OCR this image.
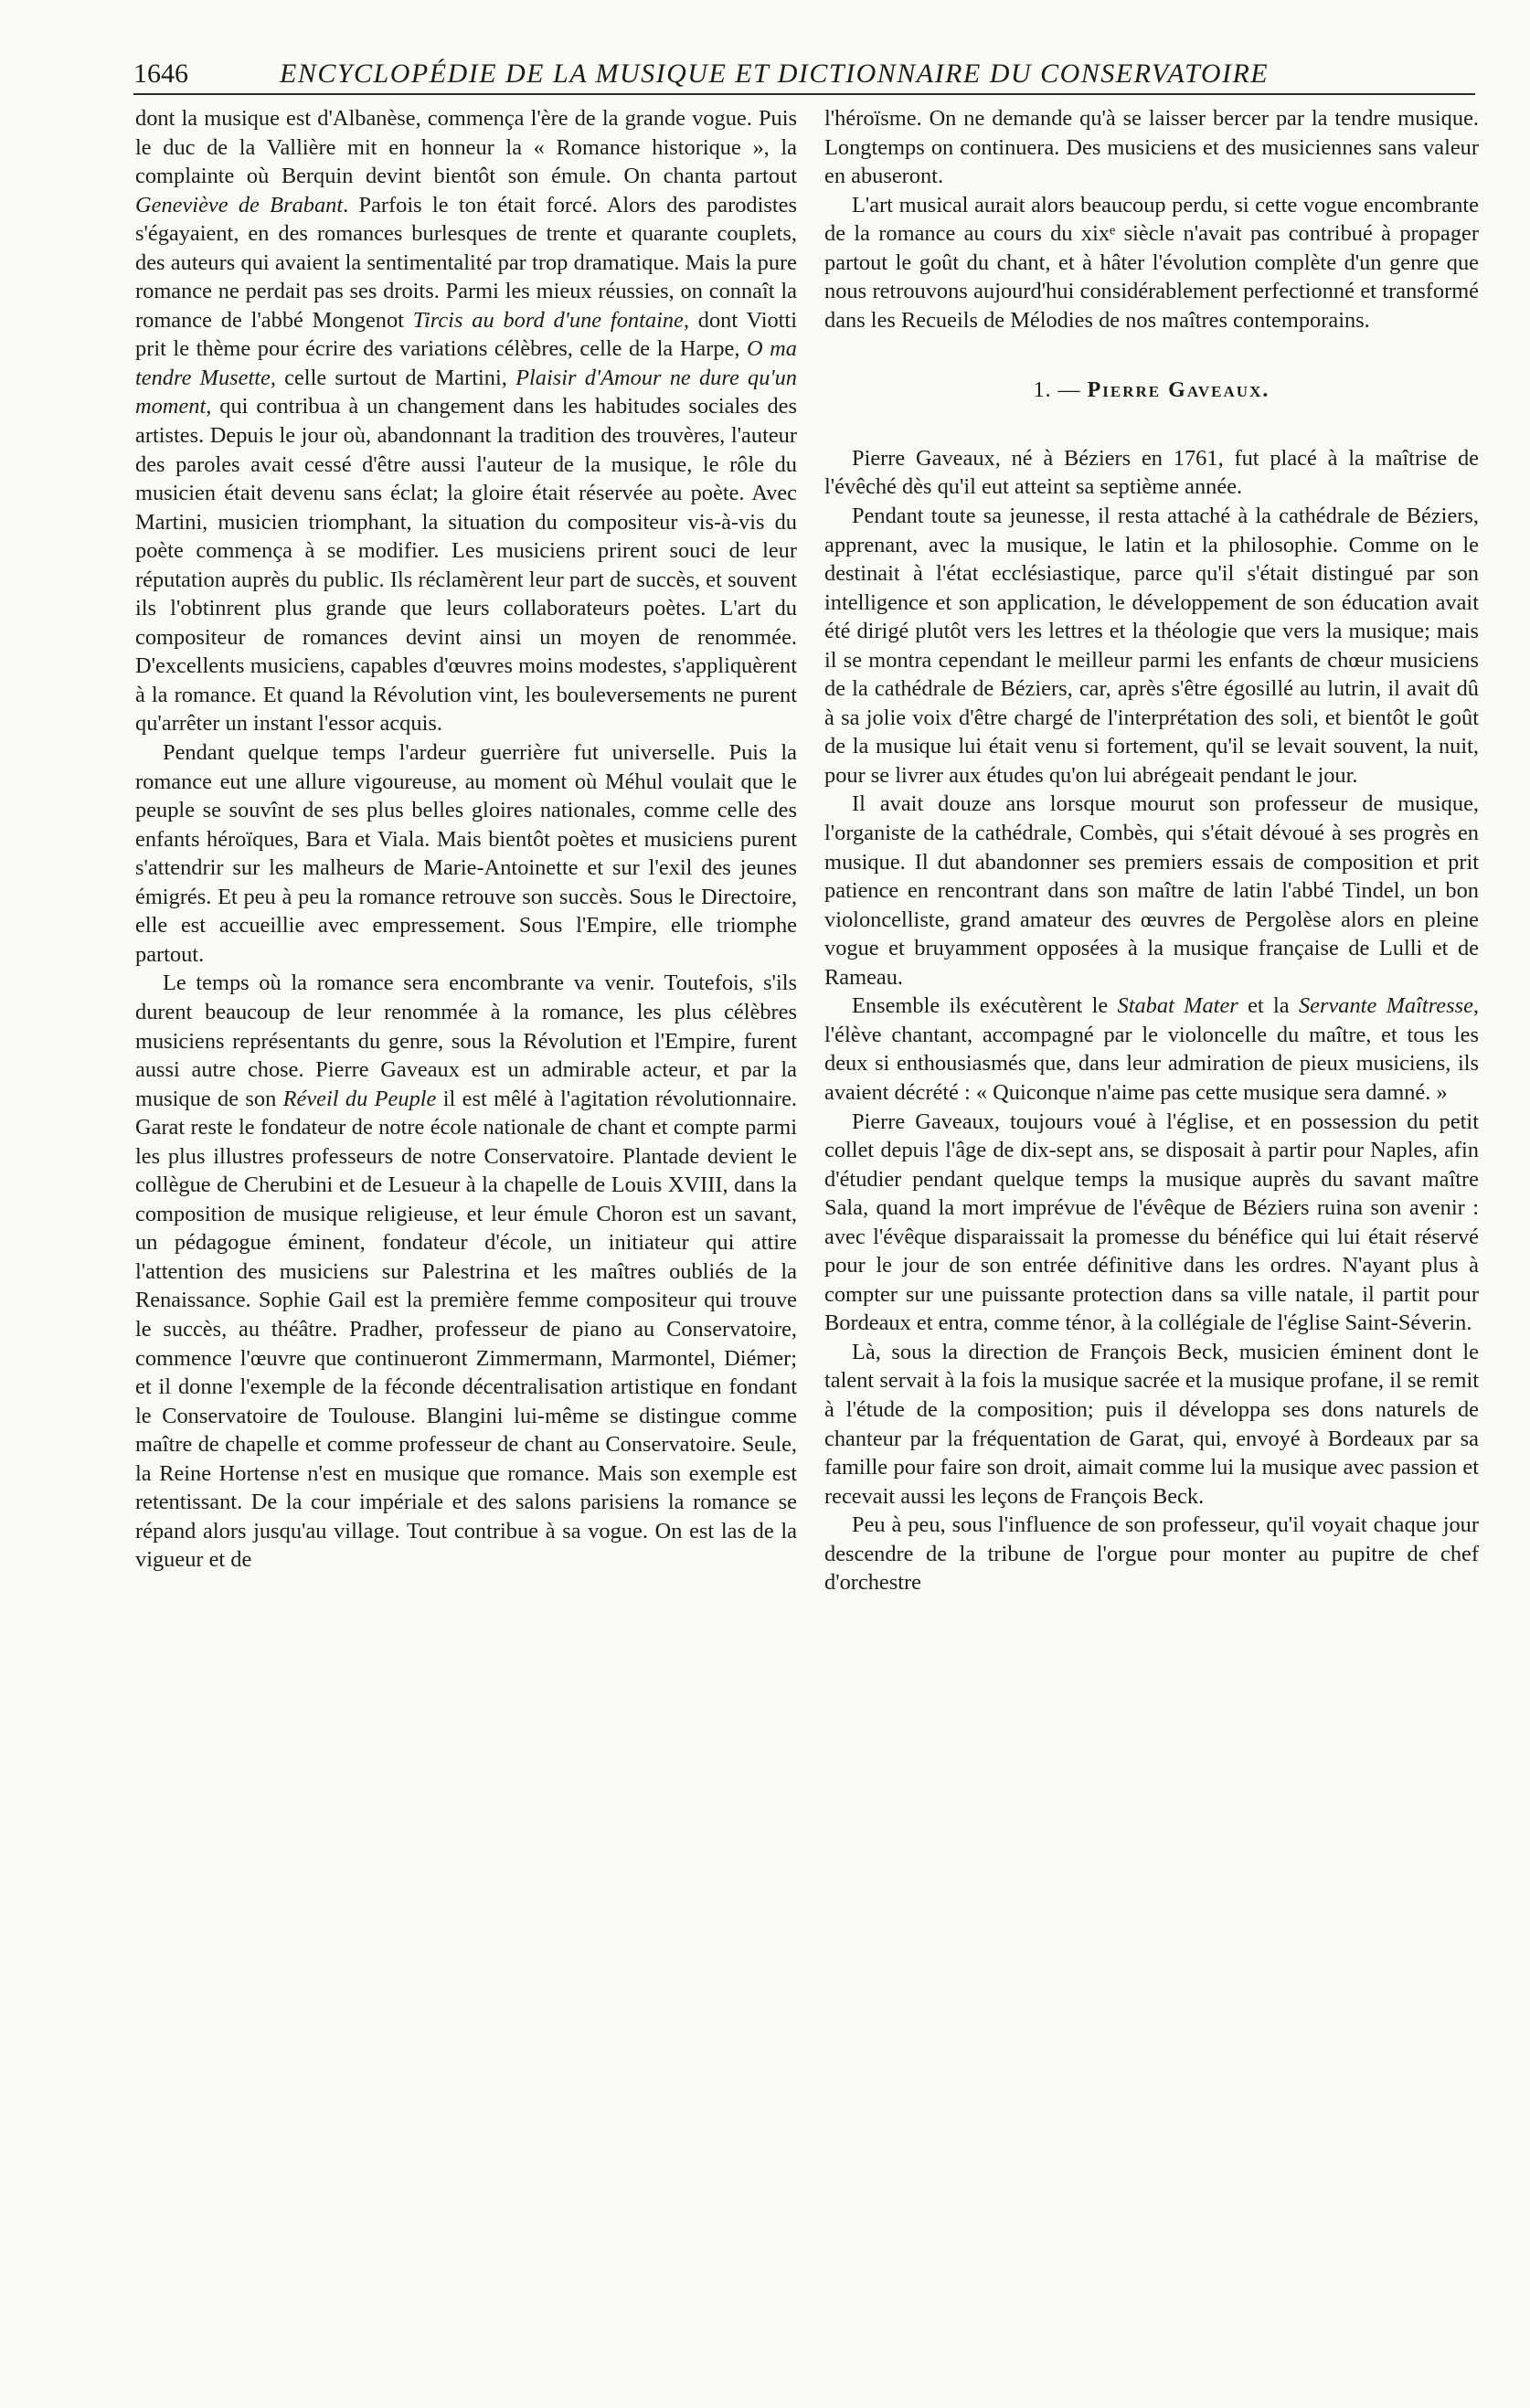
1646	ENCYCLOPÉDIE DE LA MUSIQUE ET DICTIONNAIRE DU CONSERVATOIRE

dont la musique est d'Albanèse, commença l'ère de la grande vogue. Puis le duc de la Vallière mit en honneur la « Romance historique », la complainte où Berquin devint bientôt son émule. On chanta partout Geneviève de Brabant. Parfois le ton était forcé. Alors des parodistes s'égayaient, en des romances burlesques de trente et quarante couplets, des auteurs qui avaient la sentimentalité par trop dramatique. Mais la pure romance ne perdait pas ses droits. Parmi les mieux réussies, on connaît la romance de l'abbé Mongenot Tircis au bord d'une fontaine, dont Viotti prit le thème pour écrire des variations célèbres, celle de la Harpe, O ma tendre Musette, celle surtout de Martini, Plaisir d'Amour ne dure qu'un moment, qui contribua à un changement dans les habitudes sociales des artistes. Depuis le jour où, abandonnant la tradition des trouvères, l'auteur des paroles avait cessé d'être aussi l'auteur de la musique, le rôle du musicien était devenu sans éclat; la gloire était réservée au poète. Avec Martini, musicien triomphant, la situation du compositeur vis-à-vis du poète commença à se modifier. Les musiciens prirent souci de leur réputation auprès du public. Ils réclamèrent leur part de succès, et souvent ils l'obtinrent plus grande que leurs collaborateurs poètes. L'art du compositeur de romances devint ainsi un moyen de renommée. D'excellents musiciens, capables d'œuvres moins modestes, s'appliquèrent à la romance. Et quand la Révolution vint, les bouleversements ne purent qu'arrêter un instant l'essor acquis.

Pendant quelque temps l'ardeur guerrière fut universelle. Puis la romance eut une allure vigoureuse, au moment où Méhul voulait que le peuple se souvînt de ses plus belles gloires nationales, comme celle des enfants héroïques, Bara et Viala. Mais bientôt poètes et musiciens purent s'attendrir sur les malheurs de Marie-Antoinette et sur l'exil des jeunes émigrés. Et peu à peu la romance retrouve son succès. Sous le Directoire, elle est accueillie avec empressement. Sous l'Empire, elle triomphe partout.

Le temps où la romance sera encombrante va venir. Toutefois, s'ils durent beaucoup de leur renommée à la romance, les plus célèbres musiciens représentants du genre, sous la Révolution et l'Empire, furent aussi autre chose. Pierre Gaveaux est un admirable acteur, et par la musique de son Réveil du Peuple il est mêlé à l'agitation révolutionnaire. Garat reste le fondateur de notre école nationale de chant et compte parmi les plus illustres professeurs de notre Conservatoire. Plantade devient le collègue de Cherubini et de Lesueur à la chapelle de Louis XVIII, dans la composition de musique religieuse, et leur émule Choron est un savant, un pédagogue éminent, fondateur d'école, un initiateur qui attire l'attention des musiciens sur Palestrina et les maîtres oubliés de la Renaissance. Sophie Gail est la première femme compositeur qui trouve le succès, au théâtre. Pradher, professeur de piano au Conservatoire, commence l'œuvre que continueront Zimmermann, Marmontel, Diémer; et il donne l'exemple de la féconde décentralisation artistique en fondant le Conservatoire de Toulouse. Blangini lui-même se distingue comme maître de chapelle et comme professeur de chant au Conservatoire. Seule, la Reine Hortense n'est en musique que romance. Mais son exemple est retentissant. De la cour impériale et des salons parisiens la romance se répand alors jusqu'au village. Tout contribue à sa vogue. On est las de la vigueur et de

l'héroïsme. On ne demande qu'à se laisser bercer par la tendre musique. Longtemps on continuera. Des musiciens et des musiciennes sans valeur en abuseront.

L'art musical aurait alors beaucoup perdu, si cette vogue encombrante de la romance au cours du xixᵉ siècle n'avait pas contribué à propager partout le goût du chant, et à hâter l'évolution complète d'un genre que nous retrouvons aujourd'hui considérablement perfectionné et transformé dans les Recueils de Mélodies de nos maîtres contemporains.

1. — Pierre Gaveaux.

Pierre Gaveaux, né à Béziers en 1761, fut placé à la maîtrise de l'évêché dès qu'il eut atteint sa septième année.

Pendant toute sa jeunesse, il resta attaché à la cathédrale de Béziers, apprenant, avec la musique, le latin et la philosophie. Comme on le destinait à l'état ecclésiastique, parce qu'il s'était distingué par son intelligence et son application, le développement de son éducation avait été dirigé plutôt vers les lettres et la théologie que vers la musique; mais il se montra cependant le meilleur parmi les enfants de chœur musiciens de la cathédrale de Béziers, car, après s'être égosillé au lutrin, il avait dû à sa jolie voix d'être chargé de l'interprétation des soli, et bientôt le goût de la musique lui était venu si fortement, qu'il se levait souvent, la nuit, pour se livrer aux études qu'on lui abrégeait pendant le jour.

Il avait douze ans lorsque mourut son professeur de musique, l'organiste de la cathédrale, Combès, qui s'était dévoué à ses progrès en musique. Il dut abandonner ses premiers essais de composition et prit patience en rencontrant dans son maître de latin l'abbé Tindel, un bon violoncelliste, grand amateur des œuvres de Pergolèse alors en pleine vogue et bruyamment opposées à la musique française de Lulli et de Rameau.

Ensemble ils exécutèrent le Stabat Mater et la Servante Maîtresse, l'élève chantant, accompagné par le violoncelle du maître, et tous les deux si enthousiasmés que, dans leur admiration de pieux musiciens, ils avaient décrété : « Quiconque n'aime pas cette musique sera damné. »

Pierre Gaveaux, toujours voué à l'église, et en possession du petit collet depuis l'âge de dix-sept ans, se disposait à partir pour Naples, afin d'étudier pendant quelque temps la musique auprès du savant maître Sala, quand la mort imprévue de l'évêque de Béziers ruina son avenir : avec l'évêque disparaissait la promesse du bénéfice qui lui était réservé pour le jour de son entrée définitive dans les ordres. N'ayant plus à compter sur une puissante protection dans sa ville natale, il partit pour Bordeaux et entra, comme ténor, à la collégiale de l'église Saint-Séverin.

Là, sous la direction de François Beck, musicien éminent dont le talent servait à la fois la musique sacrée et la musique profane, il se remit à l'étude de la composition; puis il développa ses dons naturels de chanteur par la fréquentation de Garat, qui, envoyé à Bordeaux par sa famille pour faire son droit, aimait comme lui la musique avec passion et recevait aussi les leçons de François Beck.

Peu à peu, sous l'influence de son professeur, qu'il voyait chaque jour descendre de la tribune de l'orgue pour monter au pupitre de chef d'orchestre
